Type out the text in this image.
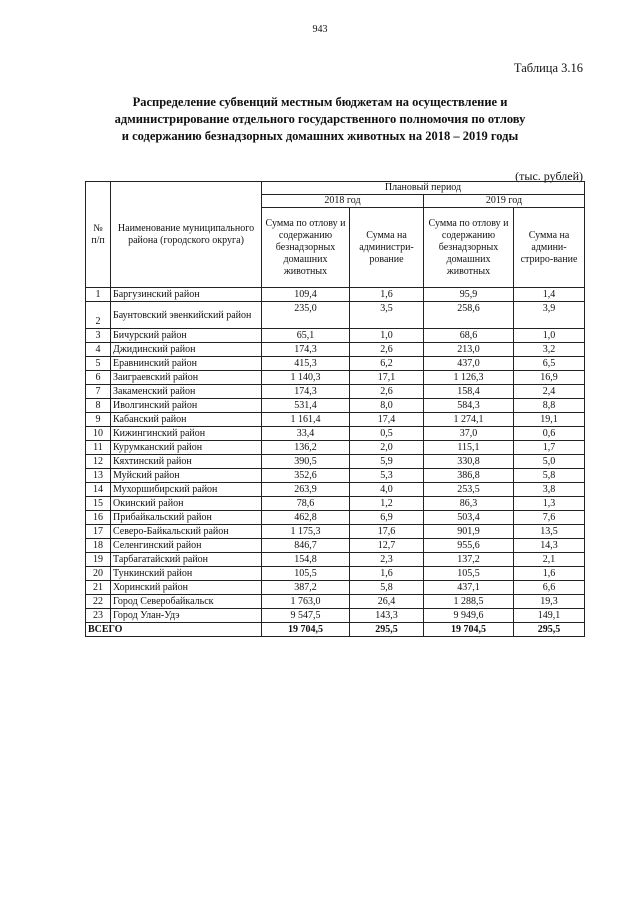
943
Таблица 3.16
Распределение субвенций местным бюджетам на осуществление и
администрирование отдельного государственного полномочия по отлову
и содержанию безнадзорных домашних животных на 2018 – 2019 годы
(тыс. рублей)
№ п/п	Наименование муниципального района (городского округа)	Плановый период			
		2018 год		2019 год	
		Сумма по отлову и содержанию безнадзорных домашних животных	Сумма на администри-рование	Сумма по отлову и содержанию безнадзорных домашних животных	Сумма на админи-стриро-вание
1	Баргузинский район	109,4	1,6	95,9	1,4
2	Баунтовский эвенкийский район	235,0	3,5	258,6	3,9
3	Бичурский район	65,1	1,0	68,6	1,0
4	Джидинский район	174,3	2,6	213,0	3,2
5	Еравнинский район	415,3	6,2	437,0	6,5
6	Заиграевский район	1 140,3	17,1	1 126,3	16,9
7	Закаменский район	174,3	2,6	158,4	2,4
8	Иволгинский район	531,4	8,0	584,3	8,8
9	Кабанский район	1 161,4	17,4	1 274,1	19,1
10	Кижингинский район	33,4	0,5	37,0	0,6
11	Курумканский район	136,2	2,0	115,1	1,7
12	Кяхтинский район	390,5	5,9	330,8	5,0
13	Муйский район	352,6	5,3	386,8	5,8
14	Мухоршибирский район	263,9	4,0	253,5	3,8
15	Окинский район	78,6	1,2	86,3	1,3
16	Прибайкальский район	462,8	6,9	503,4	7,6
17	Северо-Байкальский район	1 175,3	17,6	901,9	13,5
18	Селенгинский район	846,7	12,7	955,6	14,3
19	Тарбагатайский район	154,8	2,3	137,2	2,1
20	Тункинский район	105,5	1,6	105,5	1,6
21	Хоринский район	387,2	5,8	437,1	6,6
22	Город Северобайкальск	1 763,0	26,4	1 288,5	19,3
23	Город Улан-Удэ	9 547,5	143,3	9 949,6	149,1
ВСЕГО		19 704,5	295,5	19 704,5	295,5
